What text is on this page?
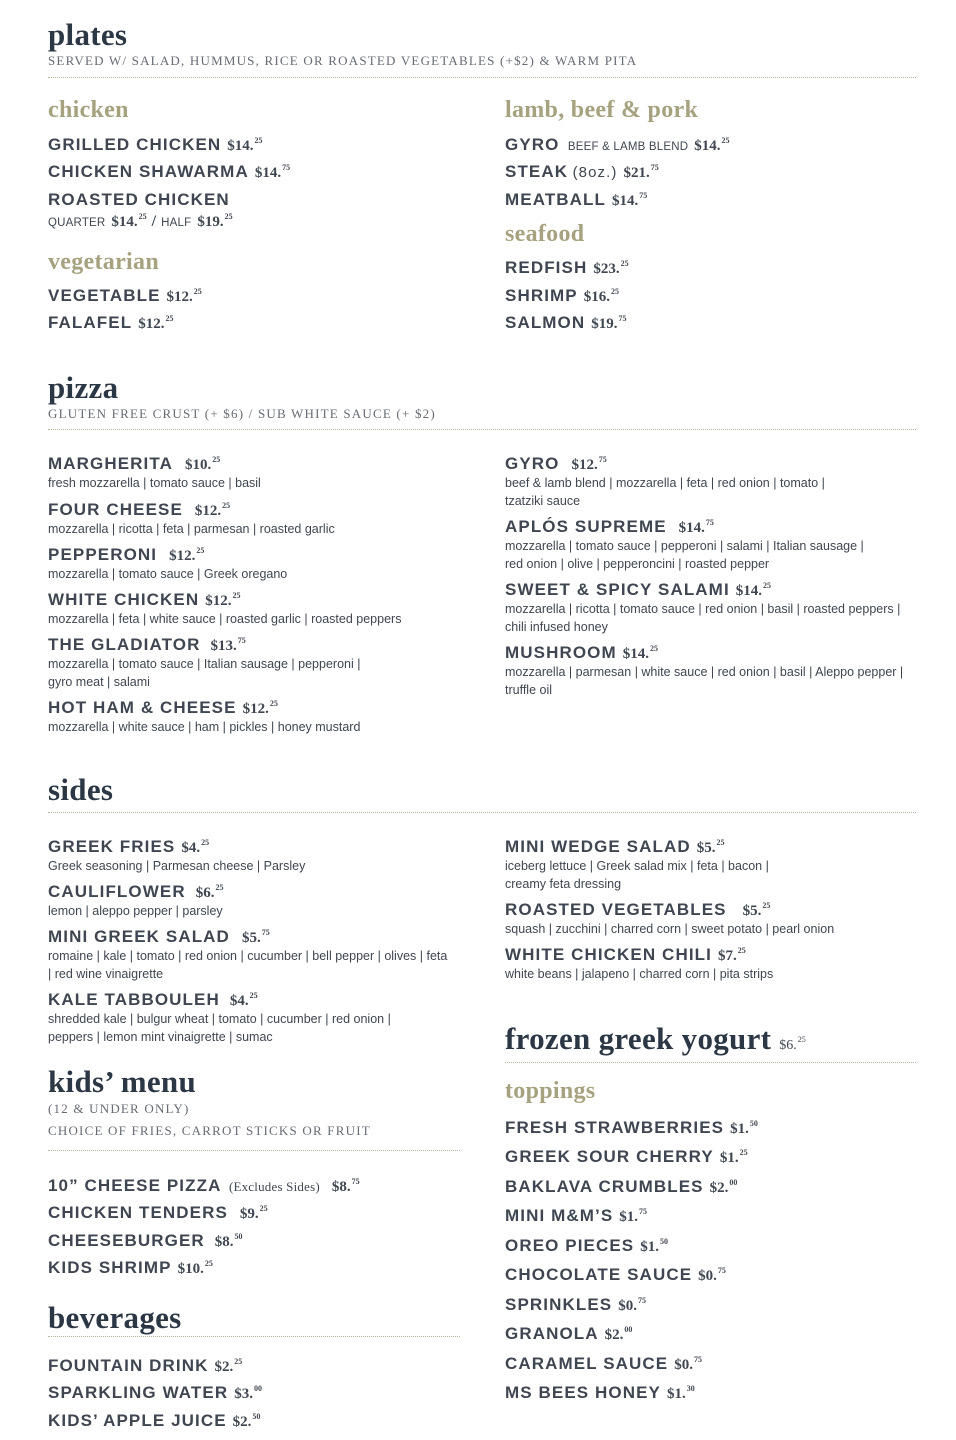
plates
SERVED W/ SALAD, HUMMUS, RICE OR ROASTED VEGETABLES (+$2) & WARM PITA
chicken
GRILLED CHICKEN $14.25
CHICKEN SHAWARMA $14.75
ROASTED CHICKEN
QUARTER $14.25 / HALF $19.25
vegetarian
VEGETABLE $12.25
FALAFEL $12.25
lamb, beef & pork
GYRO BEEF & LAMB BLEND $14.25
STEAK (8oz.) $21.75
MEATBALL $14.75
seafood
REDFISH $23.25
SHRIMP $16.25
SALMON $19.75
pizza
GLUTEN FREE CRUST (+ $6) / SUB WHITE SAUCE (+ $2)
MARGHERITA $10.25
fresh mozzarella | tomato sauce | basil
FOUR CHEESE $12.25
mozzarella | ricotta | feta | parmesan | roasted garlic
PEPPERONI $12.25
mozzarella | tomato sauce | Greek oregano
WHITE CHICKEN $12.25
mozzarella | feta | white sauce | roasted garlic | roasted peppers
THE GLADIATOR $13.75
mozzarella | tomato sauce | Italian sausage | pepperoni | gyro meat | salami
HOT HAM & CHEESE $12.25
mozzarella | white sauce | ham | pickles | honey mustard
GYRO $12.75
beef & lamb blend | mozzarella | feta | red onion | tomato | tzatziki sauce
APLÓS SUPREME $14.75
mozzarella | tomato sauce | pepperoni | salami | Italian sausage | red onion | olive | pepperoncini | roasted pepper
SWEET & SPICY SALAMI $14.25
mozzarella | ricotta | tomato sauce | red onion | basil | roasted peppers | chili infused honey
MUSHROOM $14.25
mozzarella | parmesan | white sauce | red onion | basil | Aleppo pepper | truffle oil
sides
GREEK FRIES $4.25
Greek seasoning | Parmesan cheese | Parsley
CAULIFLOWER $6.25
lemon | aleppo pepper | parsley
MINI GREEK SALAD $5.75
romaine | kale | tomato | red onion | cucumber | bell pepper | olives | feta | red wine vinaigrette
KALE TABBOULEH $4.25
shredded kale | bulgur wheat | tomato | cucumber | red onion | peppers | lemon mint vinaigrette | sumac
MINI WEDGE SALAD $5.25
iceberg lettuce | Greek salad mix | feta | bacon | creamy feta dressing
ROASTED VEGETABLES $5.25
squash | zucchini | charred corn | sweet potato | pearl onion
WHITE CHICKEN CHILI $7.25
white beans | jalapeno | charred corn | pita strips
kids’ menu
(12 & UNDER ONLY)
CHOICE OF FRIES, CARROT STICKS OR FRUIT
10” CHEESE PIZZA (Excludes Sides) $8.75
CHICKEN TENDERS $9.25
CHEESEBURGER $8.50
KIDS SHRIMP $10.25
beverages
FOUNTAIN DRINK $2.25
SPARKLING WATER $3.00
KIDS’ APPLE JUICE $2.50
frozen greek yogurt $6.25
toppings
FRESH STRAWBERRIES $1.50
GREEK SOUR CHERRY $1.25
BAKLAVA CRUMBLES $2.00
MINI M&M’S $1.75
OREO PIECES $1.50
CHOCOLATE SAUCE $0.75
SPRINKLES $0.75
GRANOLA $2.00
CARAMEL SAUCE $0.75
MS BEES HONEY $1.30
